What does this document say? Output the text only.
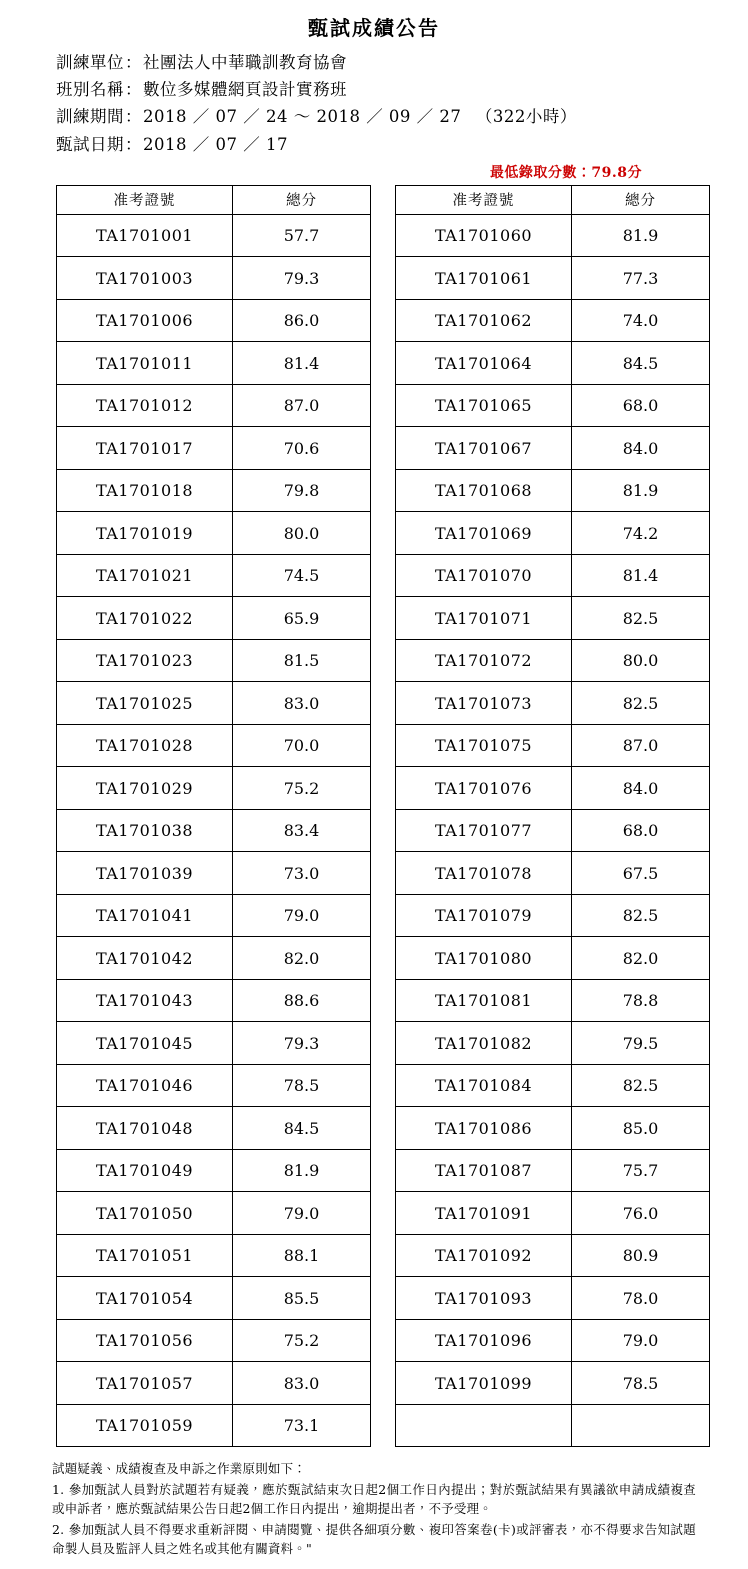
甄試成績公告
訓練單位：社團法人中華職訓教育協會
班別名稱：數位多媒體網頁設計實務班
訓練期間：2018 ／ 07 ／ 24 ～ 2018 ／ 09 ／ 27 　（322小時）
甄試日期：2018 ／ 07 ／ 17
最低錄取分數：79.8分
准考證號	總分
TA1701001	57.7
TA1701003	79.3
TA1701006	86.0
TA1701011	81.4
TA1701012	87.0
TA1701017	70.6
TA1701018	79.8
TA1701019	80.0
TA1701021	74.5
TA1701022	65.9
TA1701023	81.5
TA1701025	83.0
TA1701028	70.0
TA1701029	75.2
TA1701038	83.4
TA1701039	73.0
TA1701041	79.0
TA1701042	82.0
TA1701043	88.6
TA1701045	79.3
TA1701046	78.5
TA1701048	84.5
TA1701049	81.9
TA1701050	79.0
TA1701051	88.1
TA1701054	85.5
TA1701056	75.2
TA1701057	83.0
TA1701059	73.1
准考證號	總分
TA1701060	81.9
TA1701061	77.3
TA1701062	74.0
TA1701064	84.5
TA1701065	68.0
TA1701067	84.0
TA1701068	81.9
TA1701069	74.2
TA1701070	81.4
TA1701071	82.5
TA1701072	80.0
TA1701073	82.5
TA1701075	87.0
TA1701076	84.0
TA1701077	68.0
TA1701078	67.5
TA1701079	82.5
TA1701080	82.0
TA1701081	78.8
TA1701082	79.5
TA1701084	82.5
TA1701086	85.0
TA1701087	75.7
TA1701091	76.0
TA1701092	80.9
TA1701093	78.0
TA1701096	79.0
TA1701099	78.5

試題疑義、成績複查及申訴之作業原則如下：

1. 參加甄試人員對於試題若有疑義，應於甄試結束次日起2個工作日內提出；對於甄試結果有異議欲申請成績複查或申訴者，應於甄試結果公告日起2個工作日內提出，逾期提出者，不予受理。

2. 參加甄試人員不得要求重新評閱、申請閱覽、提供各細項分數、複印答案卷(卡)或評審表，亦不得要求告知試題命製人員及監評人員之姓名或其他有關資料。"
